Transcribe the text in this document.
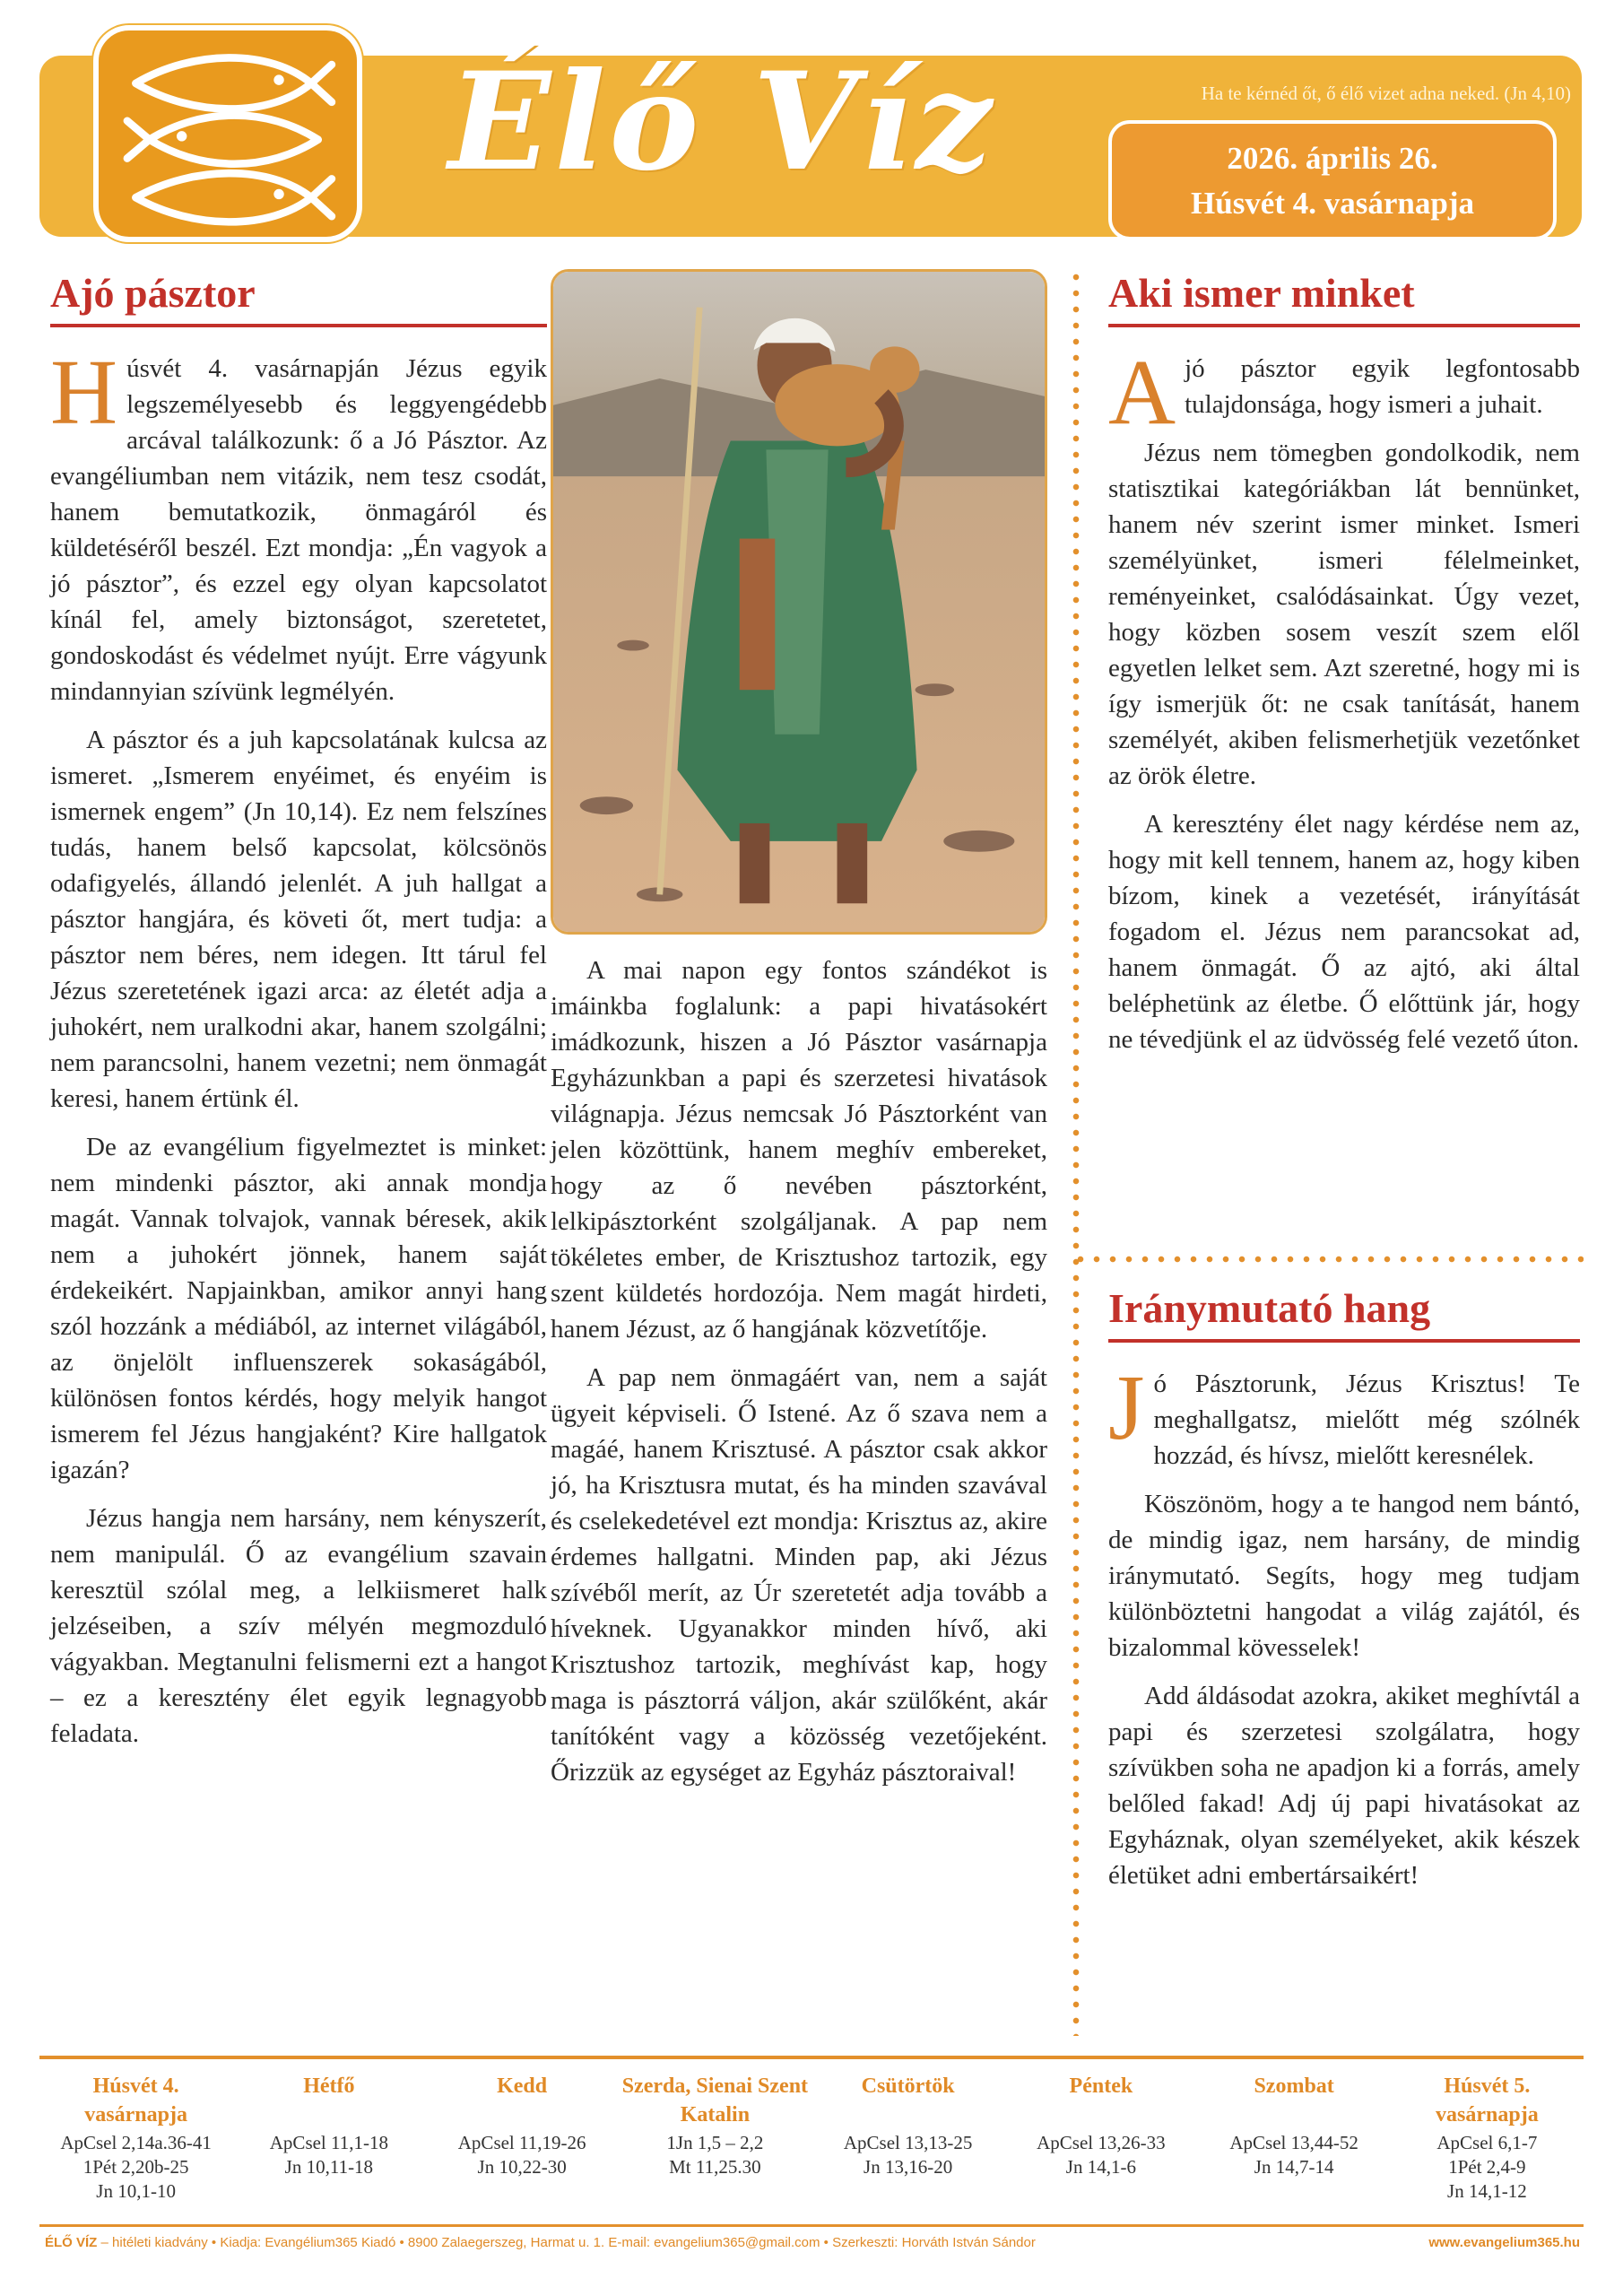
Élő Víz	Ha te kérnéd őt, ő élő vizet adna neked. (Jn 4,10)
2026. április 26.
Húsvét 4. vasárnapja
Ajó pásztor

Húsvét 4. vasárnapján Jézus egyik legszemélyesebb és leggyengédebb arcával találkozunk: ő a Jó Pásztor. Az evangéliumban nem vitázik, nem tesz csodát, hanem bemutatkozik, önmagáról és küldetéséről beszél. Ezt mondja: „Én vagyok a jó pásztor”, és ezzel egy olyan kapcsolatot kínál fel, amely biztonságot, szeretetet, gondoskodást és védelmet nyújt. Erre vágyunk mindannyian szívünk legmélyén.

A pásztor és a juh kapcsolatának kulcsa az ismeret. „Ismerem enyéimet, és enyéim is ismernek engem” (Jn 10,14). Ez nem felszínes tudás, hanem belső kapcsolat, kölcsönös odafigyelés, állandó jelenlét. A juh hallgat a pásztor hangjára, és követi őt, mert tudja: a pásztor nem béres, nem idegen. Itt tárul fel Jézus szeretetének igazi arca: az életét adja a juhokért, nem uralkodni akar, hanem szolgálni; nem parancsolni, hanem vezetni; nem önmagát keresi, hanem értünk él.

De az evangélium figyelmeztet is minket: nem mindenki pásztor, aki annak mondja magát. Vannak tolvajok, vannak béresek, akik nem a juhokért jönnek, hanem saját érdekeikért. Napjainkban, amikor annyi hang szól hozzánk a médiából, az internet világából, az önjelölt influenszerek sokaságából, különösen fontos kérdés, hogy melyik hangot ismerem fel Jézus hangjaként? Kire hallgatok igazán?

Jézus hangja nem harsány, nem kényszerít, nem manipulál. Ő az evangélium szavain keresztül szólal meg, a lelkiismeret halk jelzéseiben, a szív mélyén megmozduló vágyakban. Megtanulni felismerni ezt a hangot – ez a keresztény élet egyik legnagyobb feladata.

A mai napon egy fontos szándékot is imáinkba foglalunk: a papi hivatásokért imádkozunk, hiszen a Jó Pásztor vasárnapja Egyházunkban a papi és szerzetesi hivatások világnapja. Jézus nemcsak Jó Pásztorként van jelen közöttünk, hanem meghív embereket, hogy az ő nevében pásztorként, lelkipásztorként szolgáljanak. A pap nem tökéletes ember, de Krisztushoz tartozik, egy szent küldetés hordozója. Nem magát hirdeti, hanem Jézust, az ő hangjának közvetítője.

A pap nem önmagáért van, nem a saját ügyeit képviseli. Ő Istené. Az ő szava nem a magáé, hanem Krisztusé. A pásztor csak akkor jó, ha Krisztusra mutat, és ha minden szavával és cselekedetével ezt mondja: Krisztus az, akire érdemes hallgatni. Minden pap, aki Jézus szívéből merít, az Úr szeretetét adja tovább a híveknek. Ugyanakkor minden hívő, aki Krisztushoz tartozik, meghívást kap, hogy maga is pásztorrá váljon, akár szülőként, akár tanítóként vagy a közösség vezetőjeként. Őrizzük az egységet az Egyház pásztoraival!

Aki ismer minket

Ajó pásztor egyik legfontosabb tulajdonsága, hogy ismeri a juhait.

Jézus nem tömegben gondolkodik, nem statisztikai kategóriákban lát bennünket, hanem név szerint ismer minket. Ismeri személyünket, ismeri félelmeinket, reményeinket, csalódásainkat. Úgy vezet, hogy közben sosem veszít szem elől egyetlen lelket sem. Azt szeretné, hogy mi is így ismerjük őt: ne csak tanítását, hanem személyét, akiben felismerhetjük vezetőnket az örök életre.

A keresztény élet nagy kérdése nem az, hogy mit kell tennem, hanem az, hogy kiben bízom, kinek a vezetését, irányítását fogadom el. Jézus nem parancsokat ad, hanem önmagát. Ő az ajtó, aki által beléphetünk az életbe. Ő előttünk jár, hogy ne tévedjünk el az üdvösség felé vezető úton.

Iránymutató hang

Jó Pásztorunk, Jézus Krisztus! Te meghallgatsz, mielőtt még szólnék hozzád, és hívsz, mielőtt keresnélek.

Köszönöm, hogy a te hangod nem bántó, de mindig igaz, nem harsány, de mindig iránymutató. Segíts, hogy meg tudjam különböztetni hangodat a világ zajától, és bizalommal kövesselek!

Add áldásodat azokra, akiket meghívtál a papi és szerzetesi szolgálatra, hogy szívükben soha ne apadjon ki a forrás, amely belőled fakad! Adj új papi hivatásokat az Egyháznak, olyan személyeket, akik készek életüket adni embertársaikért!

Húsvét 4. vasárnapja
ApCsel 2,14a.36-41
1Pét 2,20b-25
Jn 10,1-10
Hétfő
ApCsel 11,1-18
Jn 10,11-18
Kedd
ApCsel 11,19-26
Jn 10,22-30
Szerda, Sienai Szent Katalin
1Jn 1,5 – 2,2
Mt 11,25.30
Csütörtök
ApCsel 13,13-25
Jn 13,16-20
Péntek
ApCsel 13,26-33
Jn 14,1-6
Szombat
ApCsel 13,44-52
Jn 14,7-14
Húsvét 5. vasárnapja
ApCsel 6,1-7
1Pét 2,4-9
Jn 14,1-12
ÉLŐ VÍZ – hitéleti kiadvány • Kiadja: Evangélium365 Kiadó • 8900 Zalaegerszeg, Harmat u. 1. E-mail: evangelium365@gmail.com • Szerkeszti: Horváth István Sándor	www.evangelium365.hu
